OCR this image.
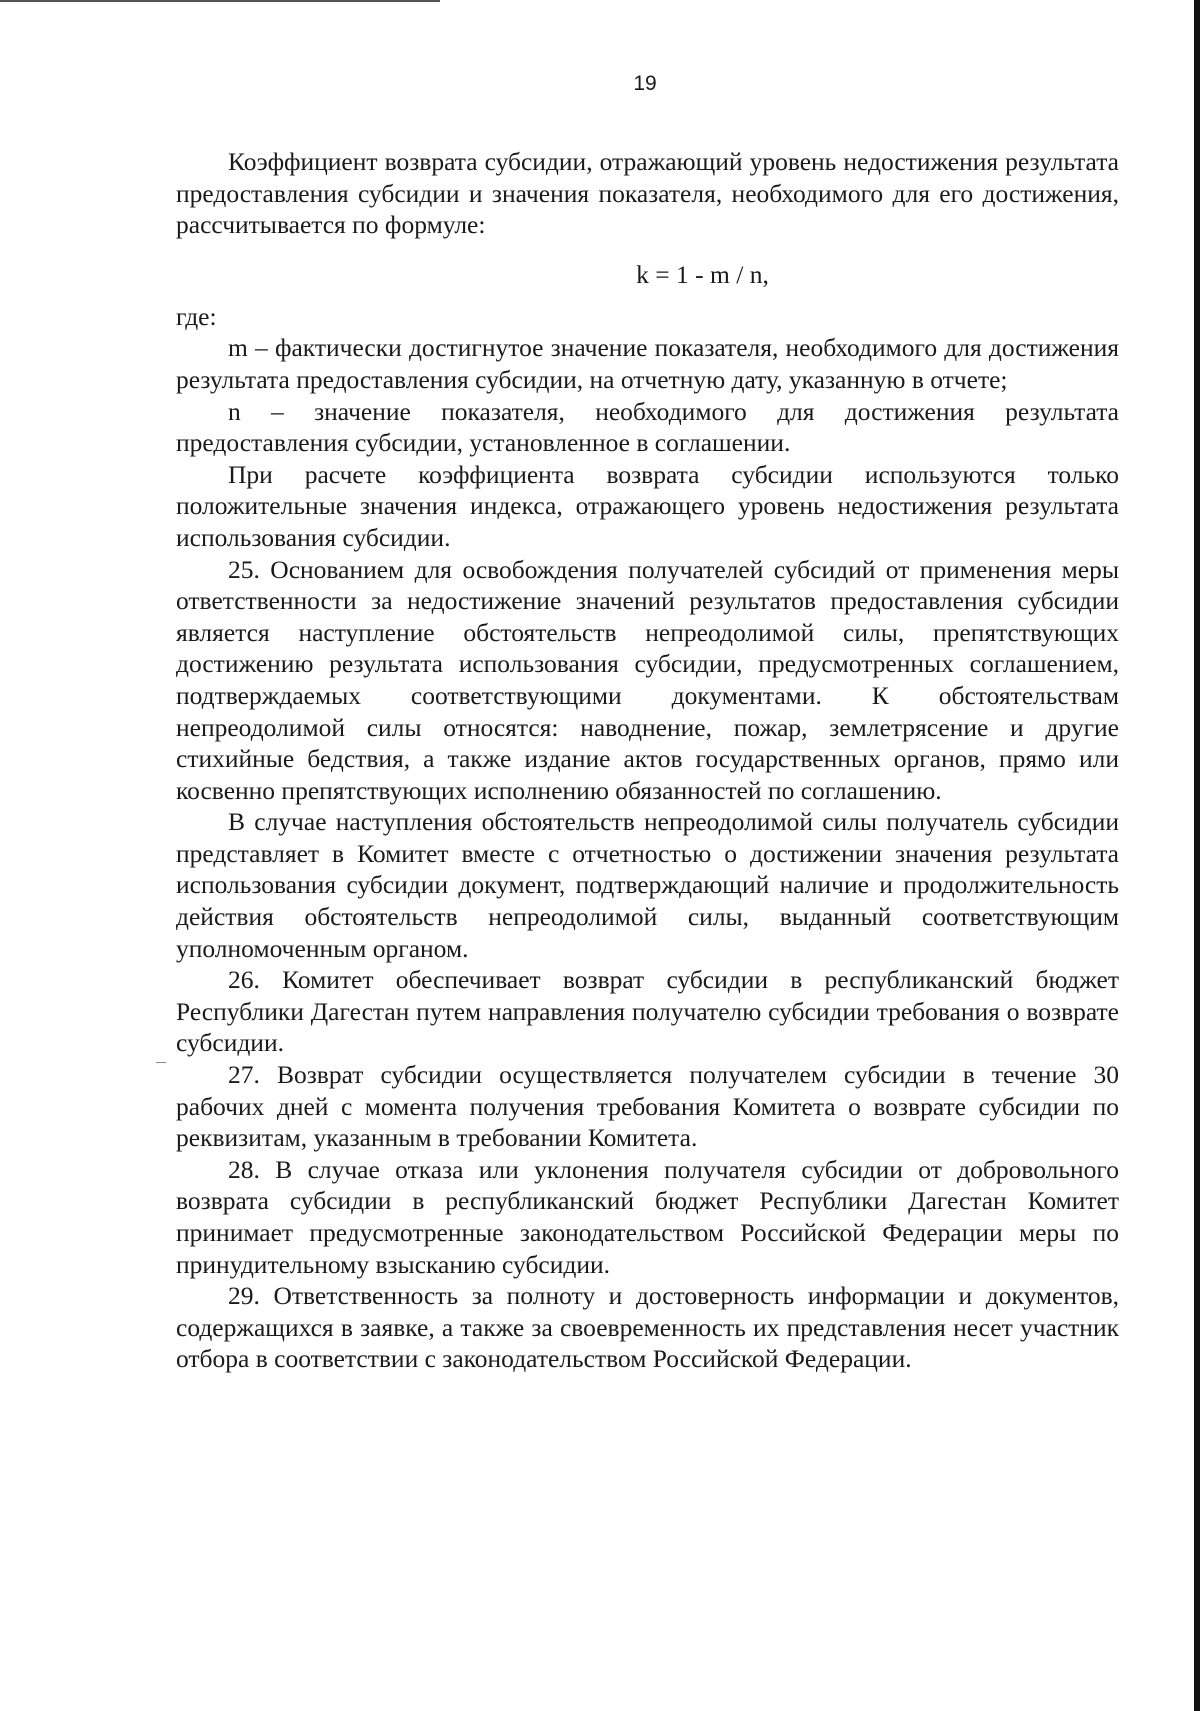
19

Коэффициент возврата субсидии, отражающий уровень недостижения результата предоставления субсидии и значения показателя, необходимого для его достижения, рассчитывается по формуле:

k = 1 - m / n,

где:

m – фактически достигнутое значение показателя, необходимого для достижения результата предоставления субсидии, на отчетную дату, указанную в отчете;

n – значение показателя, необходимого для достижения результата предоставления субсидии, установленное в соглашении.

При расчете коэффициента возврата субсидии используются только положительные значения индекса, отражающего уровень недостижения результата использования субсидии.

25. Основанием для освобождения получателей субсидий от применения меры ответственности за недостижение значений результатов предоставления субсидии является наступление обстоятельств непреодолимой силы, препятствующих достижению результата использования субсидии, предусмотренных соглашением, подтверждаемых соответствующими документами. К обстоятельствам непреодолимой силы относятся: наводнение, пожар, землетрясение и другие стихийные бедствия, а также издание актов государственных органов, прямо или косвенно препятствующих исполнению обязанностей по соглашению.

В случае наступления обстоятельств непреодолимой силы получатель субсидии представляет в Комитет вместе с отчетностью о достижении значения результата использования субсидии документ, подтверждающий наличие и продолжительность действия обстоятельств непреодолимой силы, выданный соответствующим уполномоченным органом.

26. Комитет обеспечивает возврат субсидии в республиканский бюджет Республики Дагестан путем направления получателю субсидии требования о возврате субсидии.

27. Возврат субсидии осуществляется получателем субсидии в течение 30 рабочих дней с момента получения требования Комитета о возврате субсидии по реквизитам, указанным в требовании Комитета.

28. В случае отказа или уклонения получателя субсидии от добровольного возврата субсидии в республиканский бюджет Республики Дагестан Комитет принимает предусмотренные законодательством Российской Федерации меры по принудительному взысканию субсидии.

29. Ответственность за полноту и достоверность информации и документов, содержащихся в заявке, а также за своевременность их представления несет участник отбора в соответствии с законодательством Российской Федерации.
